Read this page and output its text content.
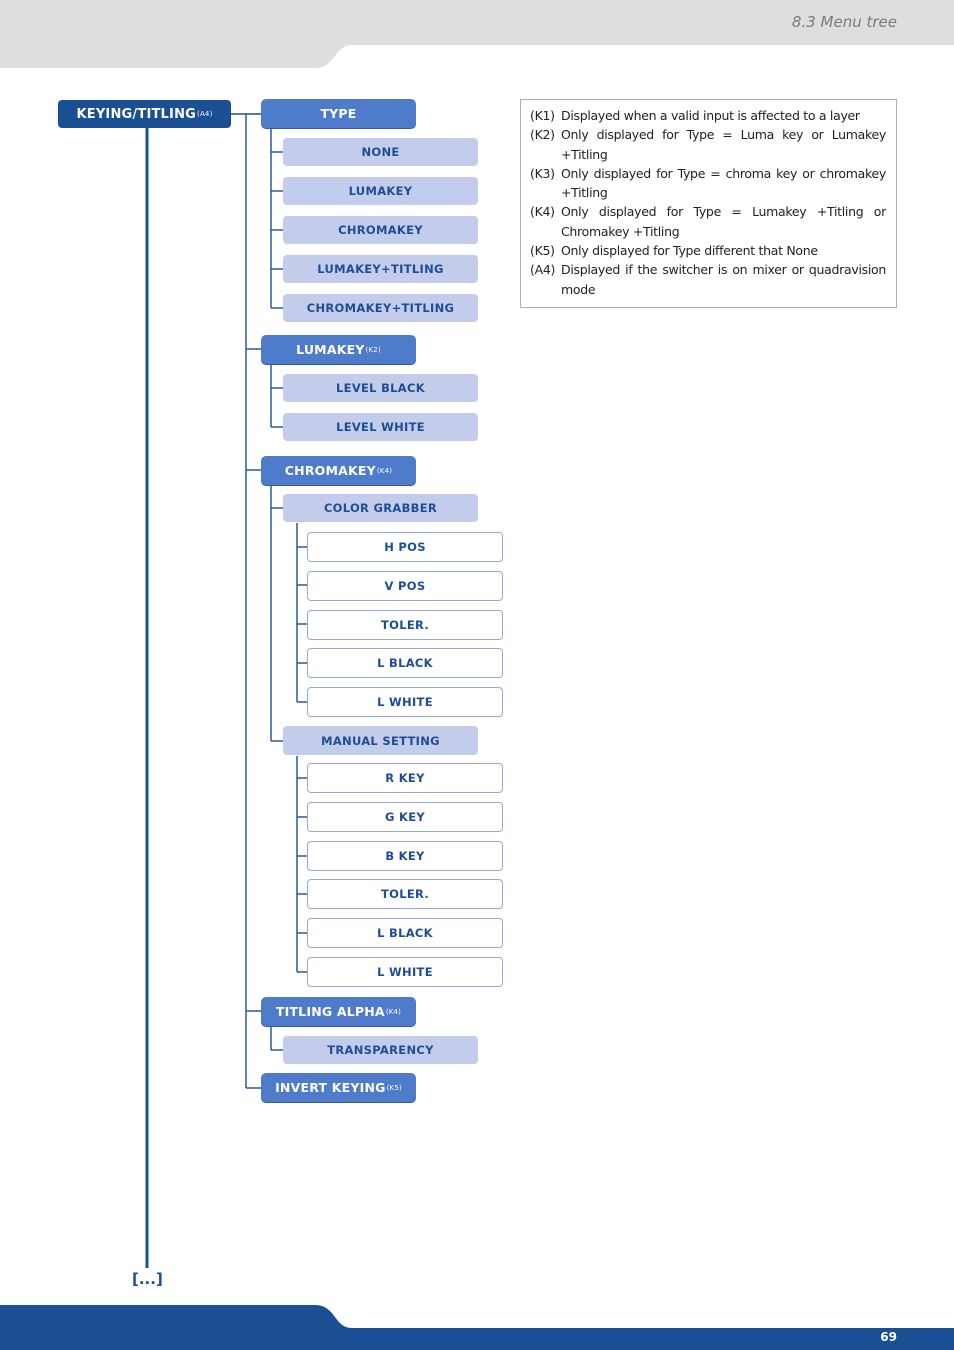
8.3 Menu tree
KEYING/TITLING (A4)	TYPE
NONE
LUMAKEY
CHROMAKEY
LUMAKEY+TITLING
CHROMAKEY+TITLING
LUMAKEY (K2)
LEVEL BLACK
LEVEL WHITE
CHROMAKEY (K4)
COLOR GRABBER
H POS
V POS
TOLER.
L BLACK
L WHITE
MANUAL SETTING
R KEY
G KEY
B KEY
TOLER.
L BLACK
L WHITE
TITLING ALPHA (K4)
TRANSPARENCY
INVERT KEYING (K5)
[...]
(K1) Displayed when a valid input is affected to a layer
(K2) Only displayed for Type = Luma key or Lumakey +Titling
(K3) Only displayed for Type = chroma key or chromakey +Titling
(K4) Only displayed for Type = Lumakey +Titling or Chromakey +Titling
(K5) Only displayed for Type different that None
(A4) Displayed if the switcher is on mixer or quadravision mode
69
